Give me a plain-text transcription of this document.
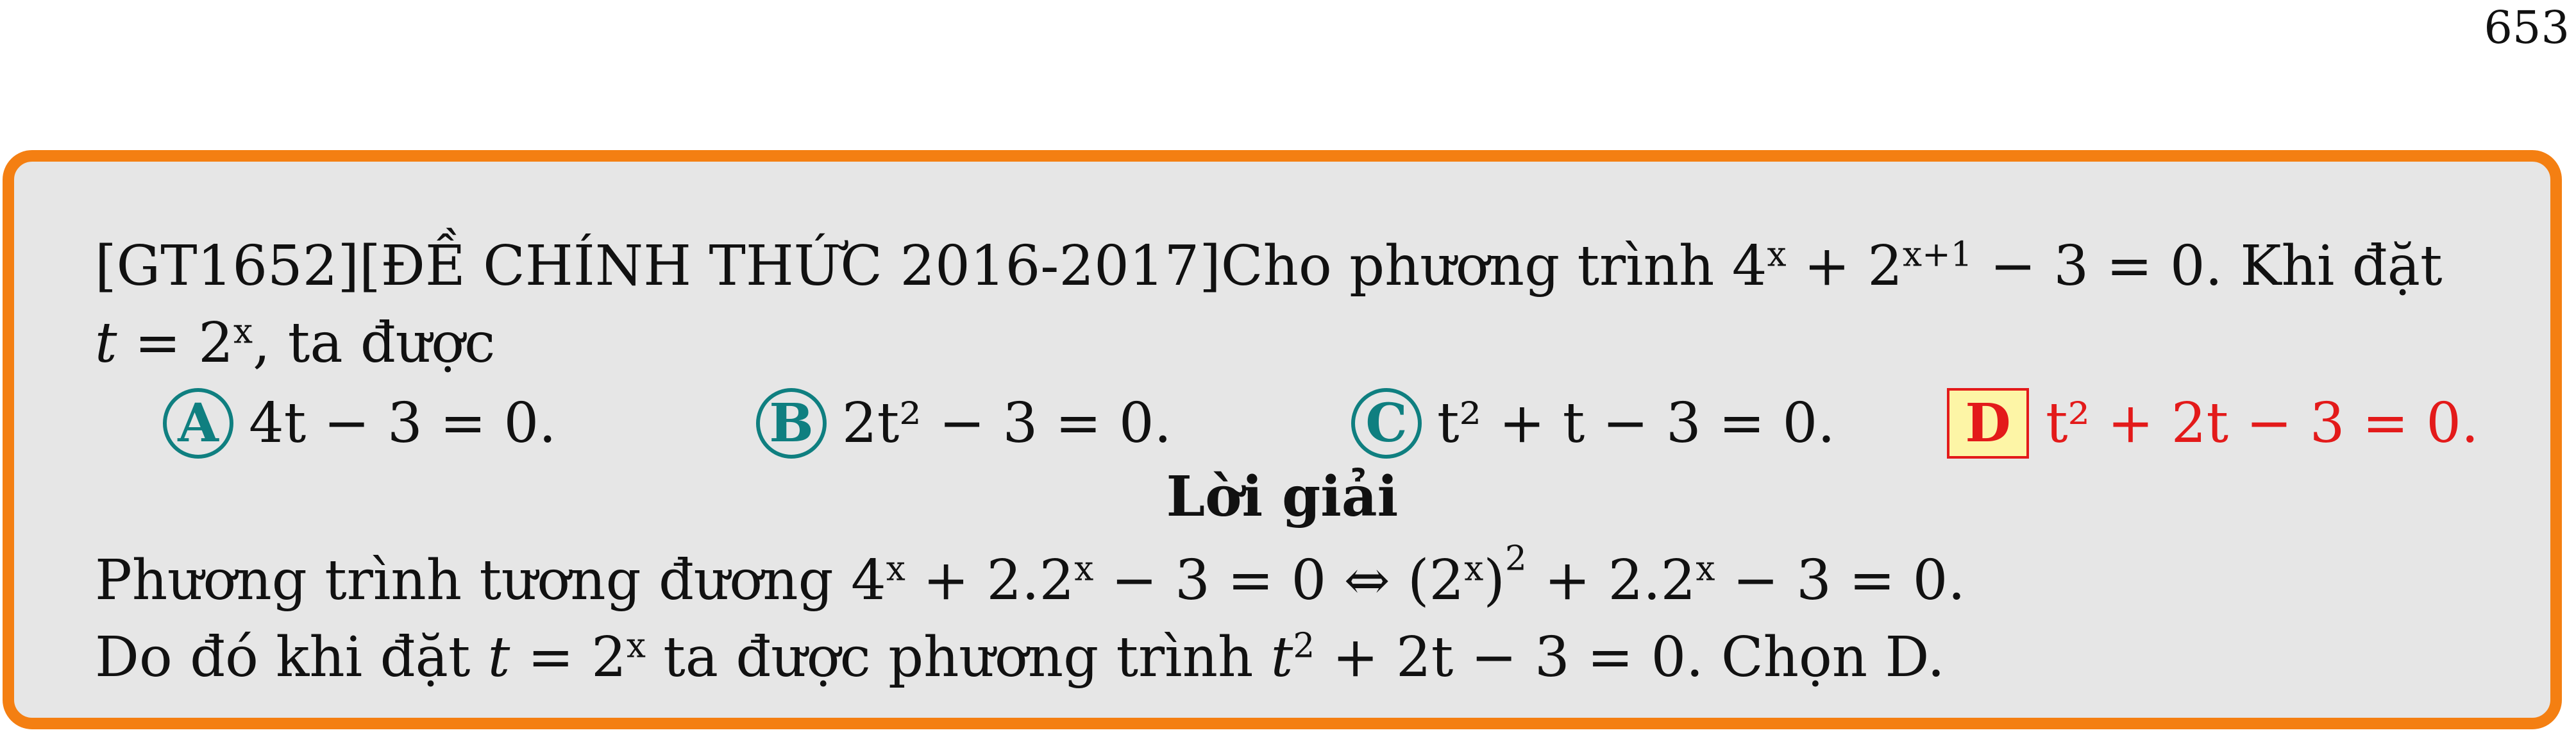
653
[GT1652][ĐỀ CHÍNH THỨC 2016-2017]Cho phương trình $4^x + 2^{x+1} - 3 = 0$. Khi đặt
$t = 2^x$, ta được
A 4t − 3 = 0.	B 2t² − 3 = 0.	C t² + t − 3 = 0.	D t² + 2t − 3 = 0.
Lời giải
Phương trình tương đương $4^x + 2.2^x - 3 = 0$ ⇔ $(2^x)^2 + 2.2^x - 3 = 0$.
Do đó khi đặt $t = 2^x$ ta được phương trình $t^2 + 2t - 3 = 0$. Chọn D.
